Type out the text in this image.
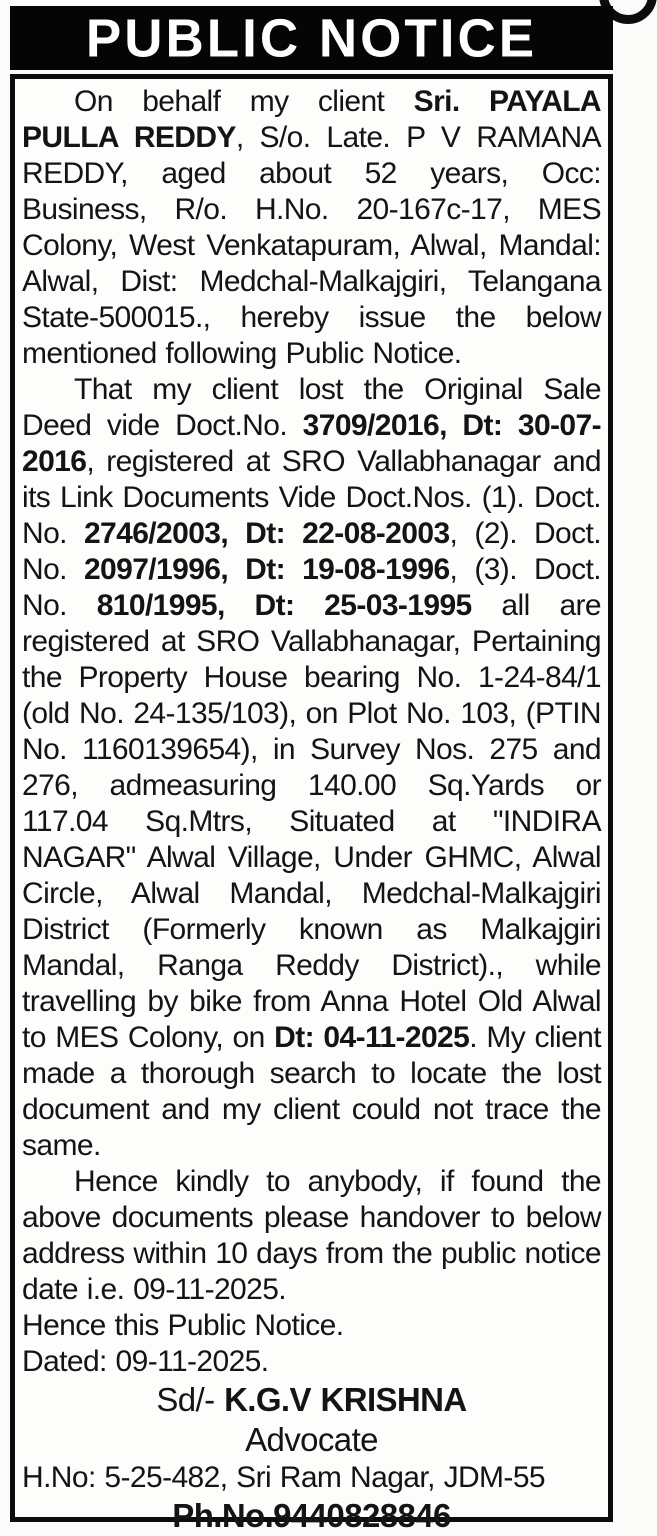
PUBLIC NOTICE

On behalf my client Sri. PAYALA PULLA REDDY, S/o. Late. P V RAMANA REDDY, aged about 52 years, Occ: Business, R/o. H.No. 20-167c-17, MES Colony, West Venkatapuram, Alwal, Mandal: Alwal, Dist: Medchal-Malkajgiri, Telangana State-500015., hereby issue the below mentioned following Public Notice.

That my client lost the Original Sale Deed vide Doct.No. 3709/2016, Dt: 30-07-2016, registered at SRO Vallabhanagar and its Link Documents Vide Doct.Nos. (1). Doct. No. 2746/2003, Dt: 22-08-2003, (2). Doct. No. 2097/1996, Dt: 19-08-1996, (3). Doct. No. 810/1995, Dt: 25-03-1995 all are registered at SRO Vallabhanagar, Pertaining the Property House bearing No. 1-24-84/1 (old No. 24-135/103), on Plot No. 103, (PTIN No. 1160139654), in Survey Nos. 275 and 276, admeasuring 140.00 Sq.Yards or 117.04 Sq.Mtrs, Situated at "INDIRA NAGAR" Alwal Village, Under GHMC, Alwal Circle, Alwal Mandal, Medchal-Malkajgiri District (Formerly known as Malkajgiri Mandal, Ranga Reddy District)., while travelling by bike from Anna Hotel Old Alwal to MES Colony, on Dt: 04-11-2025. My client made a thorough search to locate the lost document and my client could not trace the same.

Hence kindly to anybody, if found the above documents please handover to below address within 10 days from the public notice date i.e. 09-11-2025.

Hence this Public Notice.

Dated: 09-11-2025.

Sd/- K.G.V KRISHNA

Advocate

H.No: 5-25-482, Sri Ram Nagar, JDM-55

Ph.No.9440828846
